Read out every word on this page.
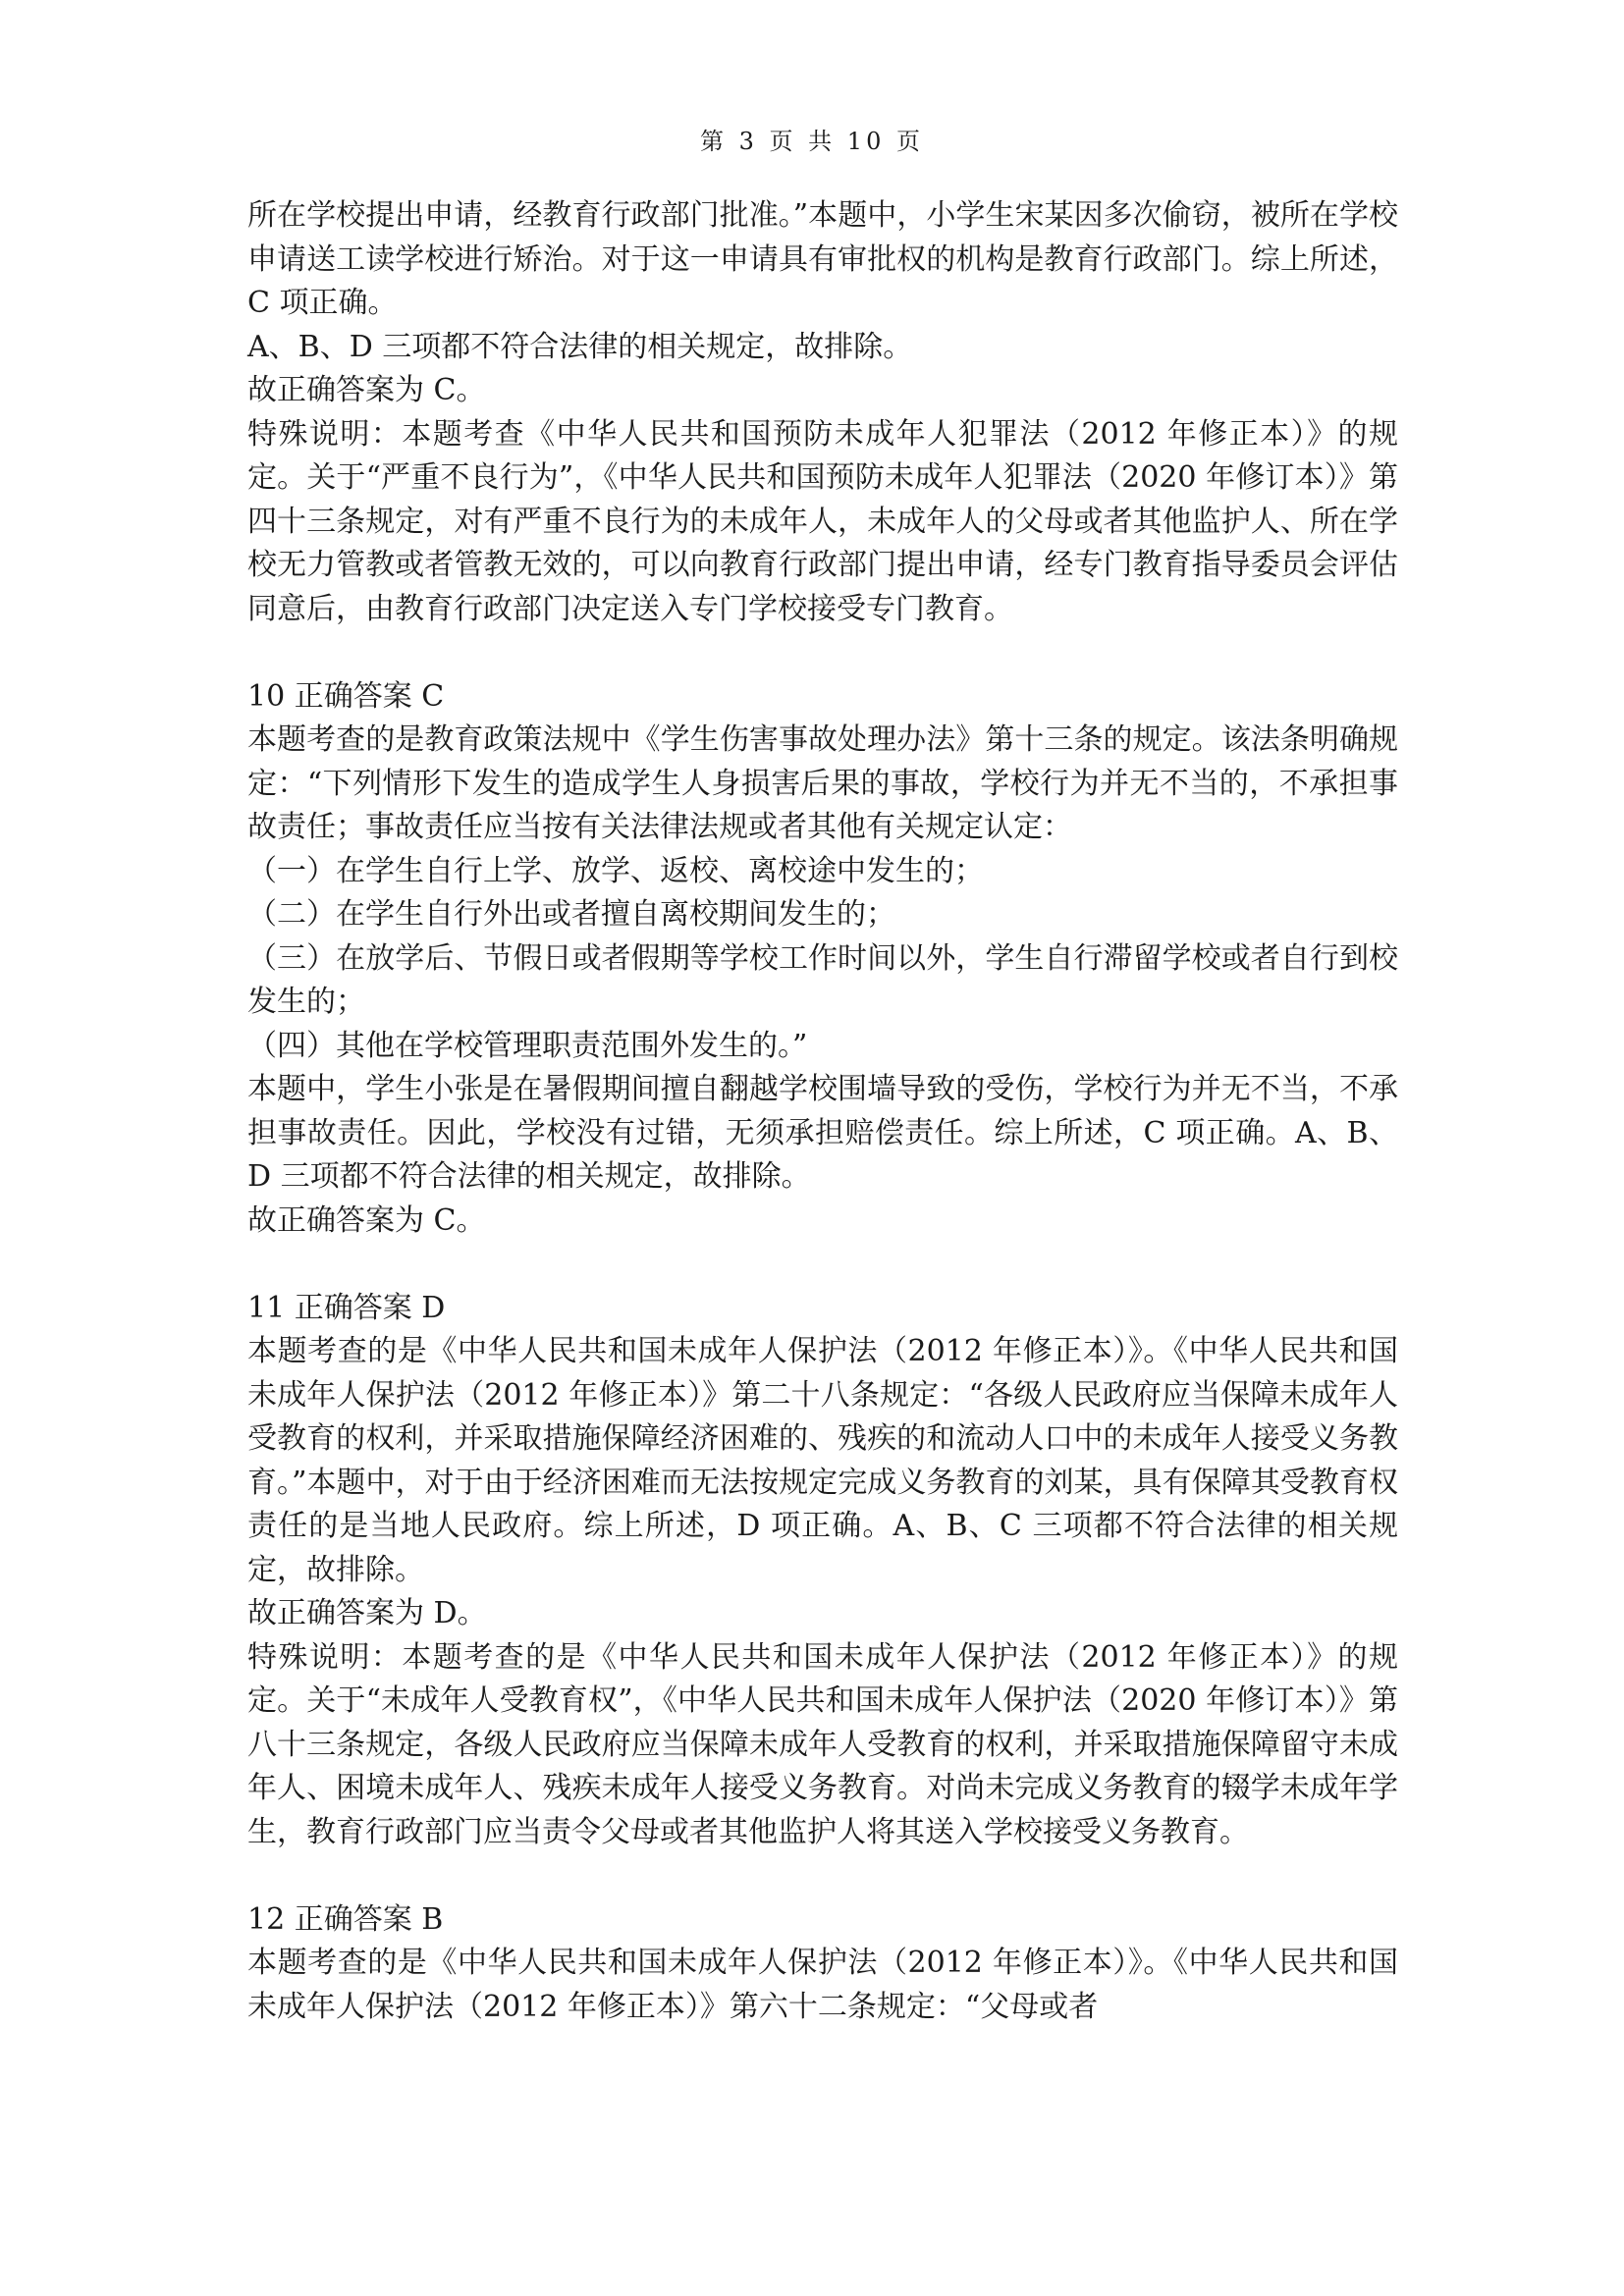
第 3 页 共 10 页

所在学校提出申请，经教育行政部门批准。”本题中，小学生宋某因多次偷窃，被所在学校申请送工读学校进行矫治。对于这一申请具有审批权的机构是教育行政部门。综上所述，C 项正确。

A、B、D 三项都不符合法律的相关规定，故排除。

故正确答案为 C。

特殊说明：本题考查《中华人民共和国预防未成年人犯罪法（2012 年修正本）》的规定。关于“严重不良行为”，《中华人民共和国预防未成年人犯罪法（2020 年修订本）》第四十三条规定，对有严重不良行为的未成年人，未成年人的父母或者其他监护人、所在学校无力管教或者管教无效的，可以向教育行政部门提出申请，经专门教育指导委员会评估同意后，由教育行政部门决定送入专门学校接受专门教育。

10 正确答案 C

本题考查的是教育政策法规中《学生伤害事故处理办法》第十三条的规定。该法条明确规定：“下列情形下发生的造成学生人身损害后果的事故，学校行为并无不当的，不承担事故责任；事故责任应当按有关法律法规或者其他有关规定认定：

（一）在学生自行上学、放学、返校、离校途中发生的；

（二）在学生自行外出或者擅自离校期间发生的；

（三）在放学后、节假日或者假期等学校工作时间以外，学生自行滞留学校或者自行到校发生的；

（四）其他在学校管理职责范围外发生的。”

本题中，学生小张是在暑假期间擅自翻越学校围墙导致的受伤，学校行为并无不当，不承担事故责任。因此，学校没有过错，无须承担赔偿责任。综上所述，C 项正确。A、B、D 三项都不符合法律的相关规定，故排除。

故正确答案为 C。

11 正确答案 D

本题考查的是《中华人民共和国未成年人保护法（2012 年修正本）》。《中华人民共和国未成年人保护法（2012 年修正本）》第二十八条规定：“各级人民政府应当保障未成年人受教育的权利，并采取措施保障经济困难的、残疾的和流动人口中的未成年人接受义务教育。”本题中，对于由于经济困难而无法按规定完成义务教育的刘某，具有保障其受教育权责任的是当地人民政府。综上所述，D 项正确。A、B、C 三项都不符合法律的相关规定，故排除。

故正确答案为 D。

特殊说明：本题考查的是《中华人民共和国未成年人保护法（2012 年修正本）》的规定。关于“未成年人受教育权”，《中华人民共和国未成年人保护法（2020 年修订本）》第八十三条规定，各级人民政府应当保障未成年人受教育的权利，并采取措施保障留守未成年人、困境未成年人、残疾未成年人接受义务教育。对尚未完成义务教育的辍学未成年学生，教育行政部门应当责令父母或者其他监护人将其送入学校接受义务教育。

12 正确答案 B

本题考查的是《中华人民共和国未成年人保护法（2012 年修正本）》。《中华人民共和国未成年人保护法（2012 年修正本）》第六十二条规定：“父母或者
